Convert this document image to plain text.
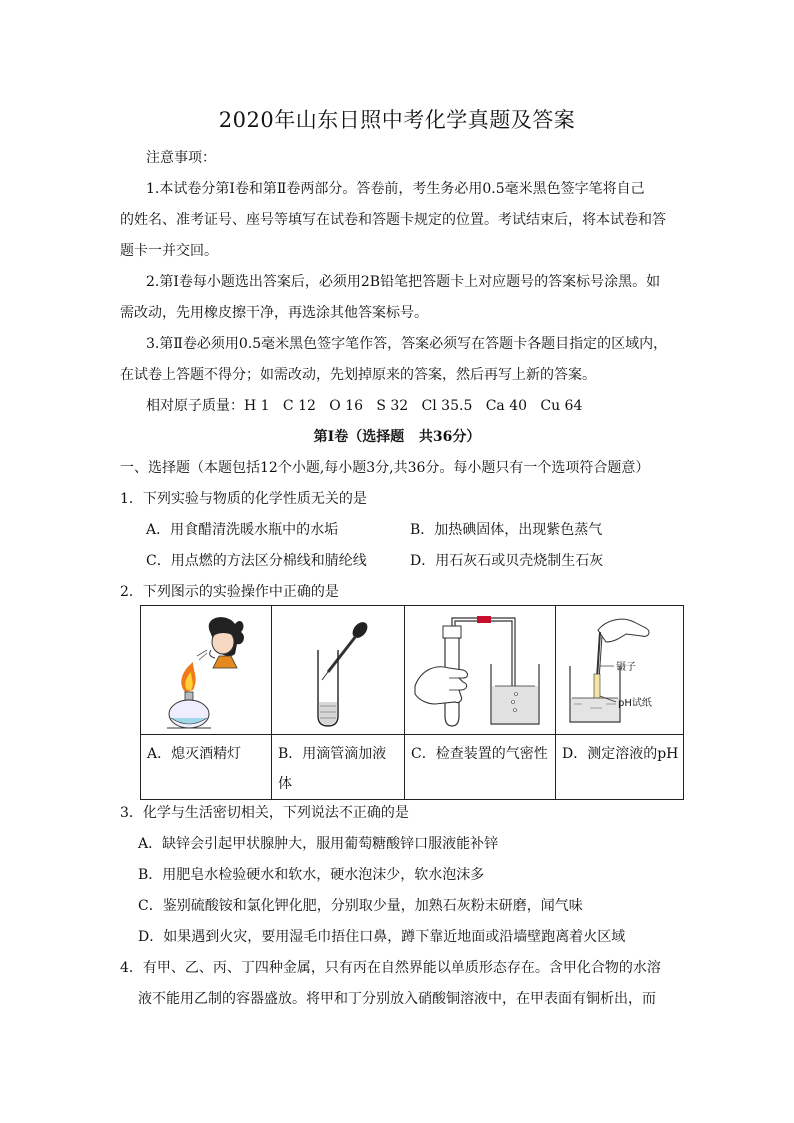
2020年山东日照中考化学真题及答案
注意事项：
1.本试卷分第Ⅰ卷和第Ⅱ卷两部分。答卷前，考生务必用0.5毫米黑色签字笔将自己
的姓名、准考证号、座号等填写在试卷和答题卡规定的位置。考试结束后，将本试卷和答
题卡一并交回。
2.第Ⅰ卷每小题选出答案后，必须用2B铅笔把答题卡上对应题号的答案标号涂黑。如
需改动，先用橡皮擦干净，再选涂其他答案标号。
3.第Ⅱ卷必须用0.5毫米黑色签字笔作答，答案必须写在答题卡各题目指定的区域内，
在试卷上答题不得分；如需改动，先划掉原来的答案，然后再写上新的答案。
相对原子质量：H 1   C 12   O 16   S 32   Cl 35.5   Ca 40   Cu 64
第Ⅰ卷（选择题   共36分）
一、选择题（本题包括12个小题,每小题3分,共36分。每小题只有一个选项符合题意）
1．下列实验与物质的化学性质无关的是
A．用食醋清洗暖水瓶中的水垢	B．加热碘固体，出现紫色蒸气
C．用点燃的方法区分棉线和腈纶线	D．用石灰石或贝壳烧制生石灰
2．下列图示的实验操作中正确的是

镊子
pH试纸

A．熄灭酒精灯	B．用滴管滴加液体	C．检查装置的气密性	D．测定溶液的pH
3．化学与生活密切相关，下列说法不正确的是
A．缺锌会引起甲状腺肿大，服用葡萄糖酸锌口服液能补锌
B．用肥皂水检验硬水和软水，硬水泡沫少，软水泡沫多
C．鉴别硫酸铵和氯化钾化肥，分别取少量，加熟石灰粉末研磨，闻气味
D．如果遇到火灾，要用湿毛巾捂住口鼻，蹲下靠近地面或沿墙壁跑离着火区域
4．有甲、乙、丙、丁四种金属，只有丙在自然界能以单质形态存在。含甲化合物的水溶
液不能用乙制的容器盛放。将甲和丁分别放入硝酸铜溶液中，在甲表面有铜析出，而
